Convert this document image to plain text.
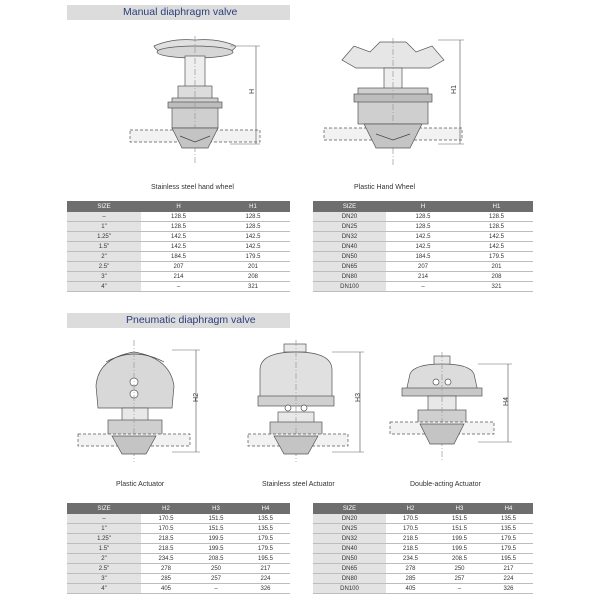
Manual diaphragm valve
H
Stainless steel hand wheel
H1
Plastic Hand Wheel
SIZE	H	H1
–	128.5	128.5
1"	128.5	128.5
1.25"	142.5	142.5
1.5"	142.5	142.5
2"	184.5	179.5
2.5"	207	201
3"	214	208
4"	–	321
SIZE	H	H1
DN20	128.5	128.5
DN25	128.5	128.5
DN32	142.5	142.5
DN40	142.5	142.5
DN50	184.5	179.5
DN65	207	201
DN80	214	208
DN100	–	321
Pneumatic diaphragm valve
H2
Plastic Actuator
H3
Stainless steel Actuator
H4
Double-acting Actuator
SIZE	H2	H3	H4
–	170.5	151.5	135.5
1"	170.5	151.5	135.5
1.25"	218.5	199.5	179.5
1.5"	218.5	199.5	179.5
2"	234.5	208.5	195.5
2.5"	278	250	217
3"	285	257	224
4"	405	–	326
SIZE	H2	H3	H4
DN20	170.5	151.5	135.5
DN25	170.5	151.5	135.5
DN32	218.5	199.5	179.5
DN40	218.5	199.5	179.5
DN50	234.5	208.5	195.5
DN65	278	250	217
DN80	285	257	224
DN100	405	–	326
